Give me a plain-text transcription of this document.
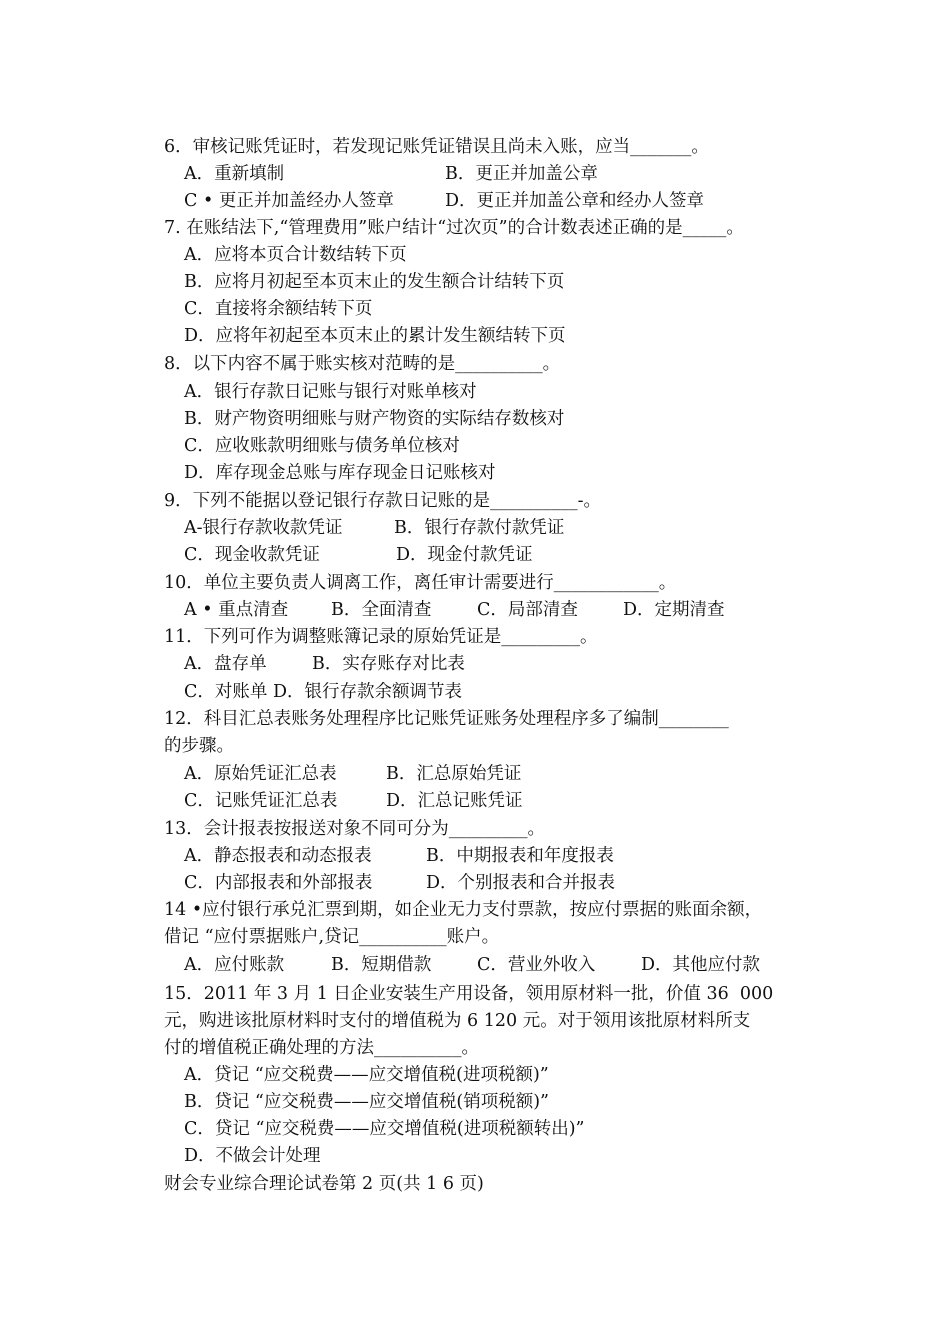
6．审核记账凭证时，若发现记账凭证错误且尚未入账，应当_______。
A．重新填制	B．更正并加盖公章
C • 更正并加盖经办人签章	D．更正并加盖公章和经办人签章
7. 在账结法下,“管理费用”账户结计“过次页”的合计数表述正确的是_____。
A．应将本页合计数结转下页
B．应将月初起至本页末止的发生额合计结转下页
C．直接将余额结转下页
D．应将年初起至本页末止的累计发生额结转下页
8．以下内容不属于账实核对范畴的是__________。
A．银行存款日记账与银行对账单核对
B．财产物资明细账与财产物资的实际结存数核对
C．应收账款明细账与债务单位核对
D．库存现金总账与库存现金日记账核对
9．下列不能据以登记银行存款日记账的是__________-。
A-银行存款收款凭证	B．银行存款付款凭证
C．现金收款凭证	D．现金付款凭证
10．单位主要负责人调离工作，离任审计需要进行____________。
A • 重点清查 B．全面清查	C．局部清查	D．定期清查
11．下列可作为调整账簿记录的原始凭证是_________。
A．盘存单	B．实存账存对比表
C．对账单 D．银行存款余额调节表
12．科目汇总表账务处理程序比记账凭证账务处理程序多了编制________
的步骤。
A．原始凭证汇总表	B．汇总原始凭证
C．记账凭证汇总表	D．汇总记账凭证
13．会计报表按报送对象不同可分为_________。
A．静态报表和动态报表	B．中期报表和年度报表
C．内部报表和外部报表	D．个别报表和合并报表
14 •应付银行承兑汇票到期，如企业无力支付票款，按应付票据的账面余额，
借记 “应付票据账户,贷记__________账户。
A．应付账款	B．短期借款	C．营业外收入	D．其他应付款
15．2011 年 3 月 1 日企业安装生产用设备，领用原材料一批，价值 36  000
元，购进该批原材料时支付的增值税为 6 120 元。对于领用该批原材料所支
付的增值税正确处理的方法__________。
A．贷记 “应交税费——应交增值税(进项税额)”
B．贷记 “应交税费——应交增值税(销项税额)”
C．贷记 “应交税费——应交增值税(进项税额转出)”
D．不做会计处理
财会专业综合理论试卷第 2 页(共 1 6 页)
